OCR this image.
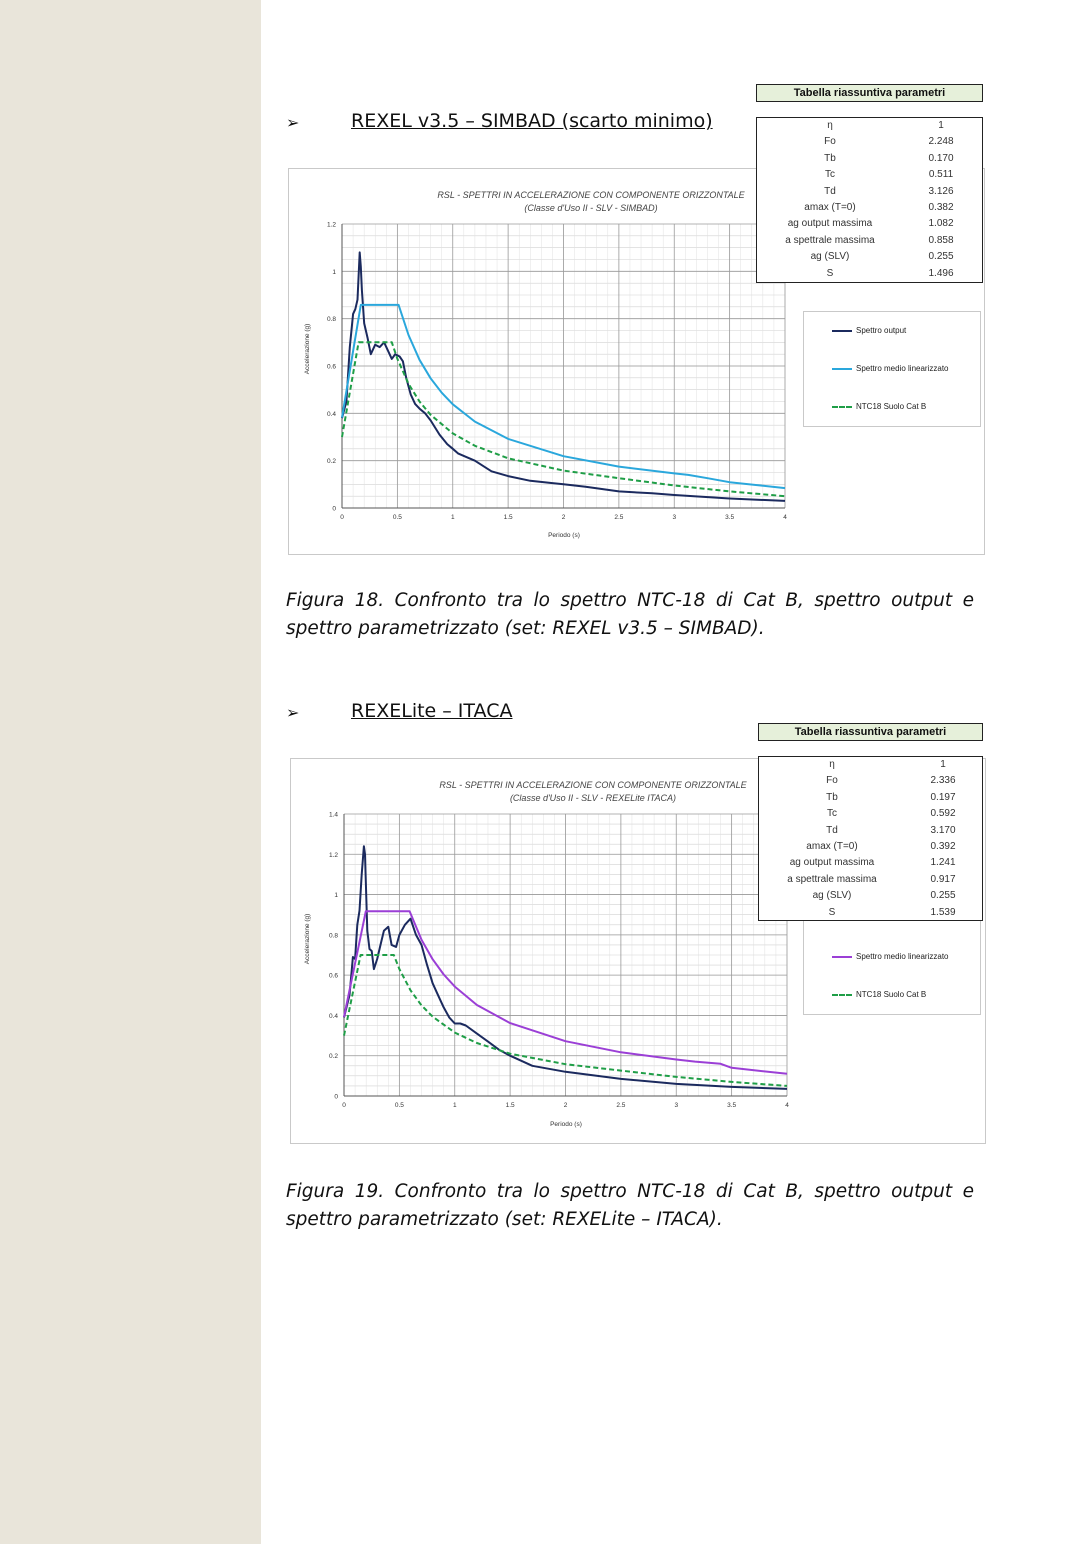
➢	REXEL v3.5 – SIMBAD (scarto minimo)
RSL - SPETTRI IN ACCELERAZIONE CON COMPONENTE ORIZZONTALE
(Classe d'Uso II - SLV - SIMBAD)
Periodo (s)
Accelerazione (g)
0	0.5	1	1.5	2	2.5	3	3.5	4
0
0.2
0.4
0.6
0.8
1
1.2
Spettro output
Spettro medio linearizzato
NTC18 Suolo Cat B
Tabella riassuntiva parametri
η	1
Fo	2.248
Tb	0.170
Tc	0.511
Td	3.126
amax (T=0)	0.382
ag output massima	1.082
a spettrale massima	0.858
ag (SLV)	0.255
S	1.496

Figura 18. Confronto tra lo spettro NTC-18 di Cat B, spettro output e spettro parametrizzato (set: REXEL v3.5 – SIMBAD).

➢	REXELite – ITACA
RSL - SPETTRI IN ACCELERAZIONE CON COMPONENTE ORIZZONTALE
(Classe d'Uso II - SLV - REXELite ITACA)
Periodo (s)
Accelerazione (g)
0	0.5	1	1.5	2	2.5	3	3.5	4
0
0.2
0.4
0.6
0.8
1
1.2
1.4
Spettro medio linearizzato
NTC18 Suolo Cat B
Tabella riassuntiva parametri
η	1
Fo	2.336
Tb	0.197
Tc	0.592
Td	3.170
amax (T=0)	0.392
ag output massima	1.241
a spettrale massima	0.917
ag (SLV)	0.255
S	1.539

Figura 19. Confronto tra lo spettro NTC-18 di Cat B, spettro output e spettro parametrizzato (set: REXELite – ITACA).
